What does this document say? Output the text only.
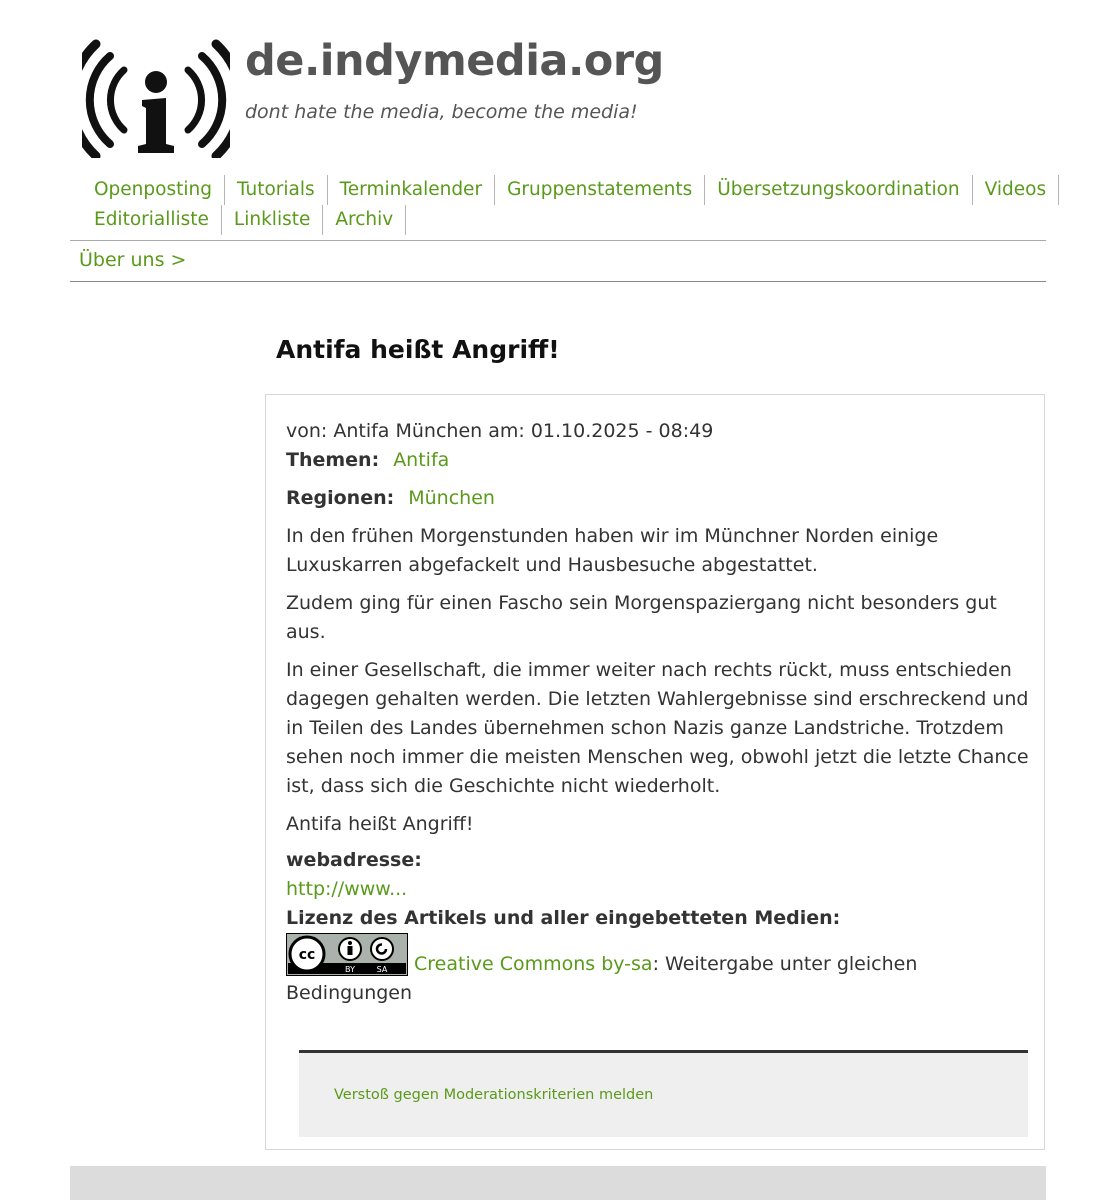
de.indymedia.org
dont hate the media, become the media!
Openposting	Tutorials	Terminkalender	Gruppenstatements	Übersetzungskoordination	Videos
Editorialliste	Linkliste	Archiv
Über uns >
Antifa heißt Angriff!
von: Antifa München am: 01.10.2025 - 08:49
Themen: Antifa
Regionen: München

In den frühen Morgenstunden haben wir im Münchner Norden einige Luxuskarren abgefackelt und Hausbesuche abgestattet.

Zudem ging für einen Fascho sein Morgenspaziergang nicht besonders gut aus.

In einer Gesellschaft, die immer weiter nach rechts rückt, muss entschieden dagegen gehalten werden. Die letzten Wahlergebnisse sind erschreckend und in Teilen des Landes übernehmen schon Nazis ganze Landstriche. Trotzdem sehen noch immer die meisten Menschen weg, obwohl jetzt die letzte Chance ist, dass sich die Geschichte nicht wiederholt.

Antifa heißt Angriff!

webadresse:
http://www...
Lizenz des Artikels und aller eingebetteten Medien:
cc
BY	SA Creative Commons by-sa: Weitergabe unter gleichen Bedingungen
Verstoß gegen Moderationskriterien melden
